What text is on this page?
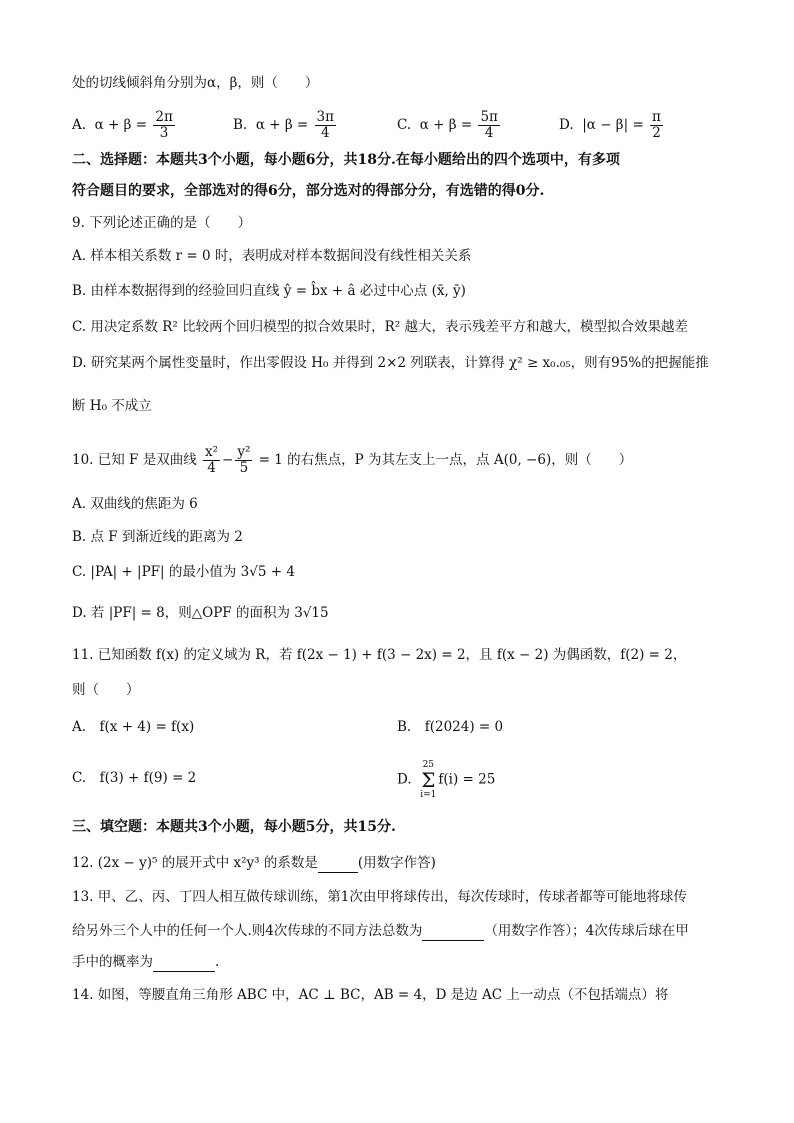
处的切线倾斜角分别为α，β，则（　　）
A. $\alpha + \beta = \frac{2\pi}{3}$	B. $\alpha + \beta = \frac{3\pi}{4}$	C. $\alpha + \beta = \frac{5\pi}{4}$	D. $|\alpha - \beta| = \frac{\pi}{2}$
二、选择题：本题共3个小题，每小题6分，共18分.在每小题给出的四个选项中，有多项
符合题目的要求，全部选对的得6分，部分选对的得部分分，有选错的得0分.
9. 下列论述正确的是（　　）
A. 样本相关系数 r = 0 时，表明成对样本数据间没有线性相关关系
B. 由样本数据得到的经验回归直线 ŷ = b̂x + â 必过中心点 (x̄, ȳ)
C. 用决定系数 R² 比较两个回归模型的拟合效果时，R² 越大，表示残差平方和越大，模型拟合效果越差
D. 研究某两个属性变量时，作出零假设 H₀ 并得到 2×2 列联表，计算得 χ² ≥ x₀.₀₅，则有95%的把握能推
断 H₀ 不成立
10. 已知 F 是双曲线 $\frac{\text{x²}}{4} - \frac{\text{y²}}{5} = 1$ 的右焦点，P 为其左支上一点，点 A(0, −6)，则（　　）
A. 双曲线的焦距为 6
B. 点 F 到渐近线的距离为 2
C. |PA| + |PF| 的最小值为 3√5 + 4
D. 若 |PF| = 8，则△OPF 的面积为 3√15
11. 已知函数 f(x) 的定义域为 R，若 f(2x − 1) + f(3 − 2x) = 2，且 f(x − 2) 为偶函数，f(2) = 2，
则（　　）
A.　f(x + 4) = f(x)	B.　f(2024) = 0
C.　f(3) + f(9) = 2	D.  25
Σ
i=1f(i) = 25
三、填空题：本题共3个小题，每小题5分，共15分.
12. (2x − y)⁵ 的展开式中 x²y³ 的系数是	(用数字作答)
13. 甲、乙、丙、丁四人相互做传球训练，第1次由甲将球传出，每次传球时，传球者都等可能地将球传
给另外三个人中的任何一个人.则4次传球的不同方法总数为	（用数字作答）；4次传球后球在甲
手中的概率为	.
14. 如图，等腰直角三角形 ABC 中，AC ⊥ BC，AB = 4，D 是边 AC 上一动点（不包括端点）将
